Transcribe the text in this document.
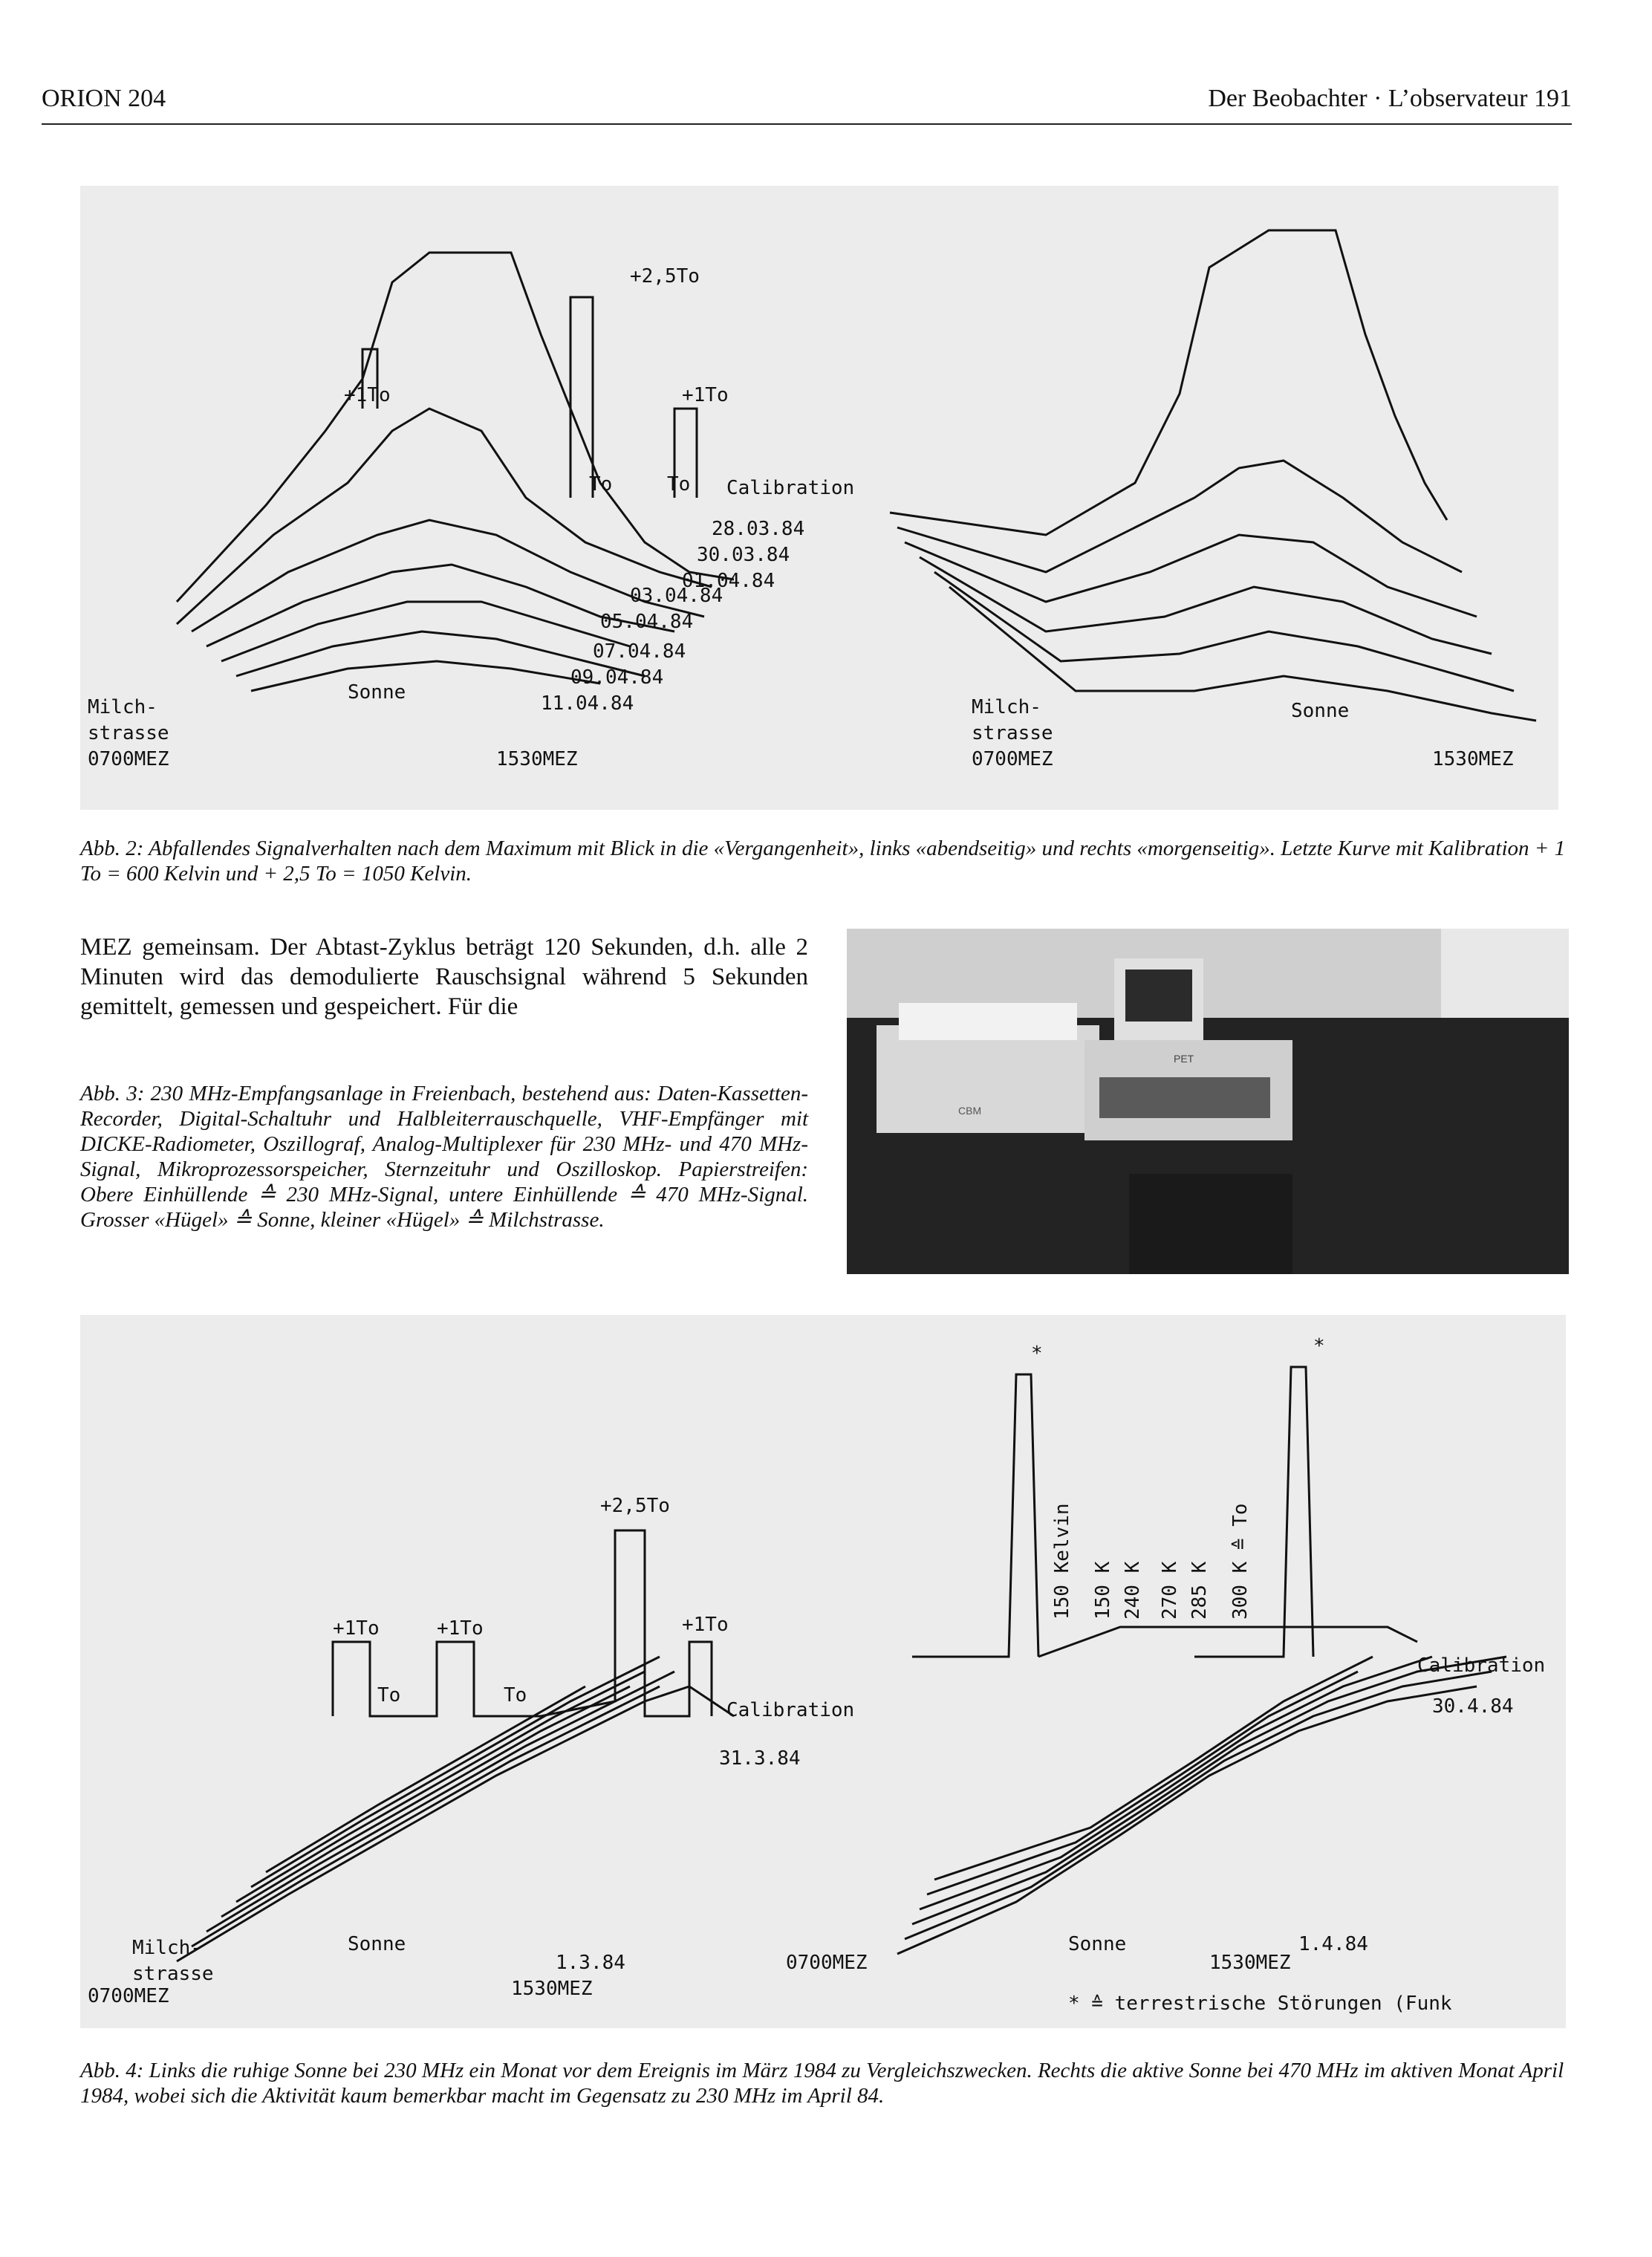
ORION 204	Der Beobachter · L’observateur 191
+2,5To
+1To	+1To
To	To Calibration
28.03.84
30.03.84
01.04.84
03.04.84
05.04.84
07.04.84
09.04.84
11.04.84
Milch-
strasse
Sonne
0700MEZ	1530MEZ
Milch-
strasse
Sonne
0700MEZ	1530MEZ
Abb. 2: Abfallendes Signalverhalten nach dem Maximum mit Blick in die «Vergangenheit», links «abendseitig» und rechts «morgenseitig». Letzte Kurve mit Kalibration + 1 To = 600 Kelvin und + 2,5 To = 1050 Kelvin.
MEZ gemeinsam. Der Abtast-Zyklus beträgt 120 Sekunden, d.h. alle 2 Minuten wird das demodulierte Rauschsignal während 5 Sekunden gemittelt, gemessen und gespeichert. Für die
Abb. 3: 230 MHz-Empfangsanlage in Freienbach, bestehend aus: Daten-Kassetten-Recorder, Digital-Schaltuhr und Halbleiterrauschquelle, VHF-Empfänger mit DICKE-Radiometer, Oszillograf, Analog-Multiplexer für 230 MHz- und 470 MHz-Signal, Mikroprozessorspeicher, Sternzeituhr und Oszilloskop. Papierstreifen: Obere Einhüllende ≙ 230 MHz-Signal, untere Einhüllende ≙ 470 MHz-Signal. Grosser «Hügel» ≙ Sonne, kleiner «Hügel» ≙ Milchstrasse.
CBM
PET
+2,5To
+1To	+1To	+1To
To	To
Calibration
31.3.84
1.3.84
Milch-
strasse
Sonne
0700MEZ	1530MEZ
*	*
150 Kelvin 150 K 240 K 270 K 285 K 300 K ≙ To
Calibration
30.4.84
1.4.84
Sonne
0700MEZ	1530MEZ
* ≙ terrestrische Störungen (Funk
Abb. 4: Links die ruhige Sonne bei 230 MHz ein Monat vor dem Ereignis im März 1984 zu Vergleichszwecken. Rechts die aktive Sonne bei 470 MHz im aktiven Monat April 1984, wobei sich die Aktivität kaum bemerkbar macht im Gegensatz zu 230 MHz im April 84.
